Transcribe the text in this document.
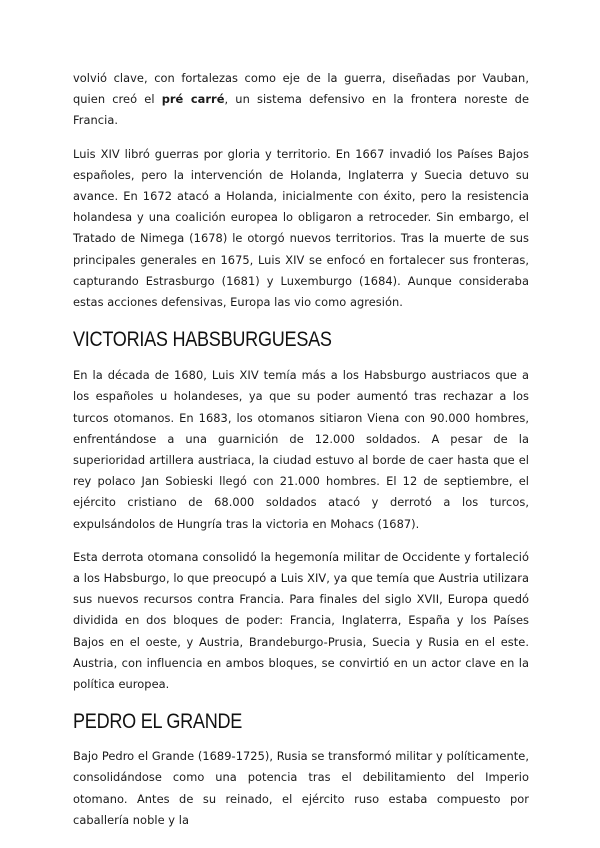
volvió clave, con fortalezas como eje de la guerra, diseñadas por Vauban, quien creó el pré carré, un sistema defensivo en la frontera noreste de Francia.

Luis XIV libró guerras por gloria y territorio. En 1667 invadió los Países Bajos españoles, pero la intervención de Holanda, Inglaterra y Suecia detuvo su avance. En 1672 atacó a Holanda, inicialmente con éxito, pero la resistencia holandesa y una coalición europea lo obligaron a retroceder. Sin embargo, el Tratado de Nimega (1678) le otorgó nuevos territorios. Tras la muerte de sus principales generales en 1675, Luis XIV se enfocó en fortalecer sus fronteras, capturando Estrasburgo (1681) y Luxemburgo (1684). Aunque consideraba estas acciones defensivas, Europa las vio como agresión.

VICTORIAS HABSBURGUESAS

En la década de 1680, Luis XIV temía más a los Habsburgo austriacos que a los españoles u holandeses, ya que su poder aumentó tras rechazar a los turcos otomanos. En 1683, los otomanos sitiaron Viena con 90.000 hombres, enfrentándose a una guarnición de 12.000 soldados. A pesar de la superioridad artillera austriaca, la ciudad estuvo al borde de caer hasta que el rey polaco Jan Sobieski llegó con 21.000 hombres. El 12 de septiembre, el ejército cristiano de 68.000 soldados atacó y derrotó a los turcos, expulsándolos de Hungría tras la victoria en Mohacs (1687).

Esta derrota otomana consolidó la hegemonía militar de Occidente y fortaleció a los Habsburgo, lo que preocupó a Luis XIV, ya que temía que Austria utilizara sus nuevos recursos contra Francia. Para finales del siglo XVII, Europa quedó dividida en dos bloques de poder: Francia, Inglaterra, España y los Países Bajos en el oeste, y Austria, Brandeburgo-Prusia, Suecia y Rusia en el este. Austria, con influencia en ambos bloques, se convirtió en un actor clave en la política europea.

PEDRO EL GRANDE

Bajo Pedro el Grande (1689-1725), Rusia se transformó militar y políticamente, consolidándose como una potencia tras el debilitamiento del Imperio otomano. Antes de su reinado, el ejército ruso estaba compuesto por caballería noble y la
